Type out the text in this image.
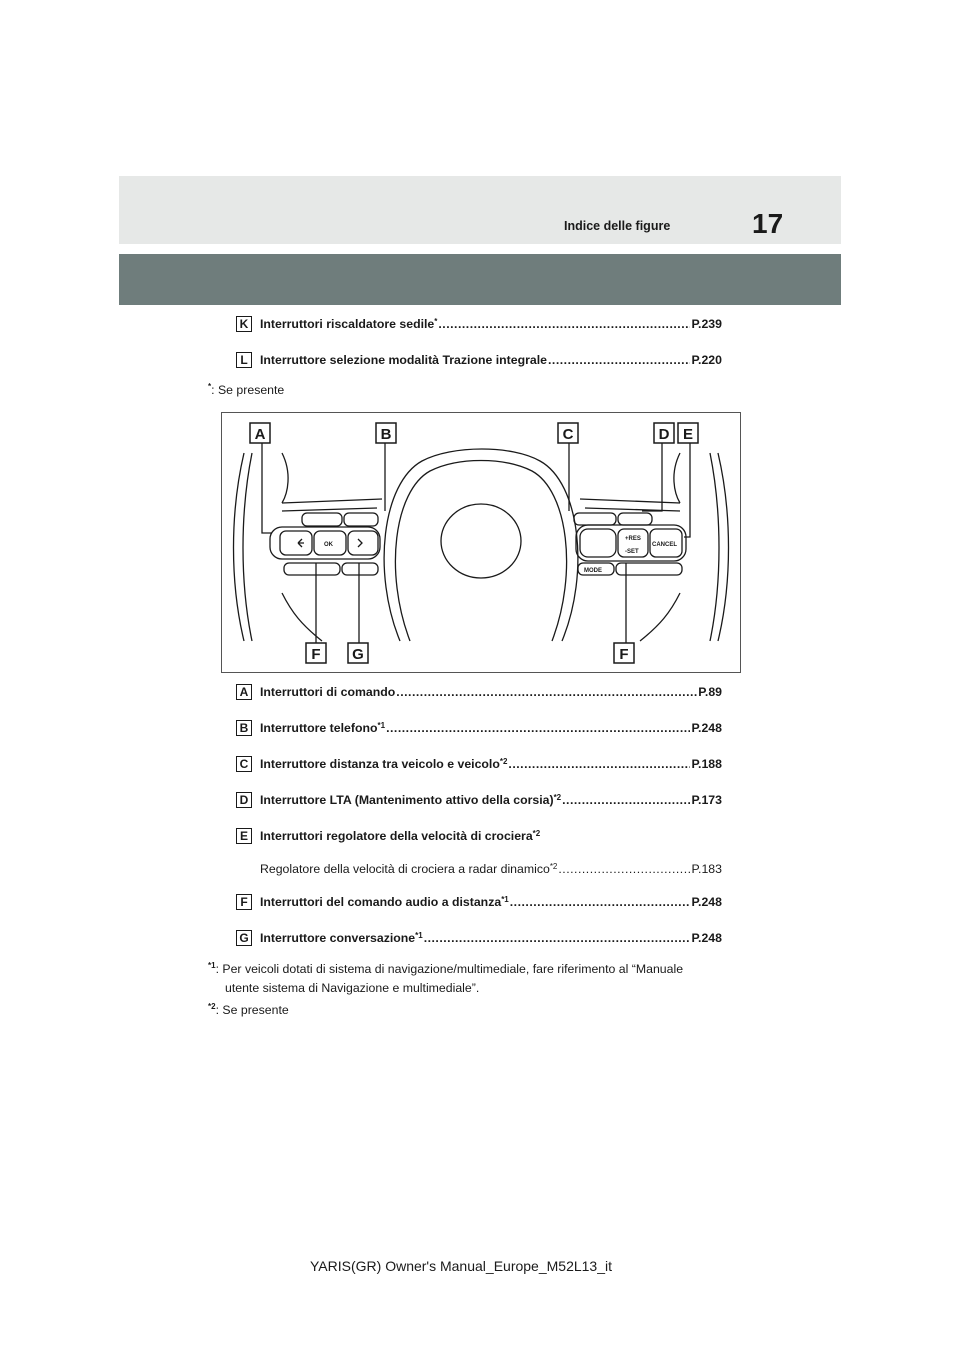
Indice delle figure	17
K Interruttori riscaldatore sedile* .....	P.239
L	Interruttore selezione modalità Trazione integrale .....	P.220
*: Se presente
OK	CANCEL
MODE
+RES
-SET
A	B	C	D E
F G	F
A Interruttori di comando .....	P.89
B Interruttore telefono$^{*1}$ .....	P.248
C Interruttore distanza tra veicolo e veicolo$^{*2}$ .....	P.188
D Interruttore LTA (Mantenimento attivo della corsia)$^{*2}$ .....	P.173
E Interruttori regolatore della velocità di crociera$^{*2}$
Regolatore della velocità di crociera a radar dinamico$^{*2}$ .....	P.183
F	Interruttori del comando audio a distanza$^{*1}$ .....	P.248
G Interruttore conversazione$^{*1}$ .....	P.248
$^{*1}$: Per veicoli dotati di sistema di navigazione/multimediale, fare riferimento al “Manuale
utente sistema di Navigazione e multimediale”.
$^{*2}$: Se presente
YARIS(GR) Owner's Manual_Europe_M52L13_it
